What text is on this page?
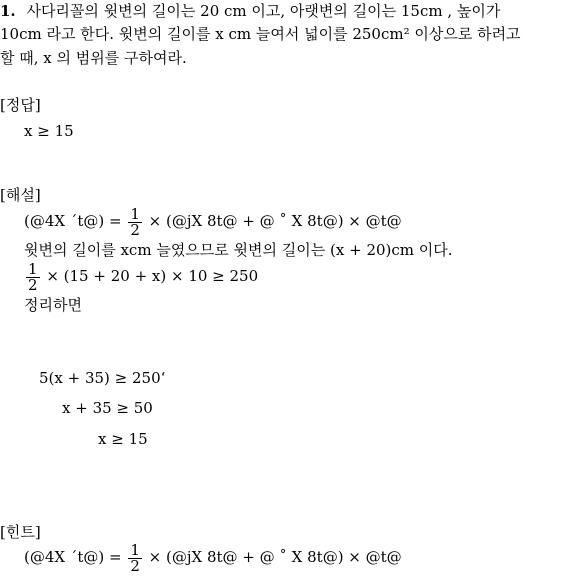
1. 사다리꼴의 윗변의 길이는 20 cm 이고, 아랫변의 길이는 15cm , 높이가
10cm 라고 한다. 윗변의 길이를 x cm 늘여서 넓이를 250cm² 이상으로 하려고
할 때, x 의 범위를 구하여라.
[정답]
x ≥ 15
[해설]
(@4X ´t@) = $\frac{1}{2}$ × (@jX 8t@ + @ ˚ X 8t@) × @t@
윗변의 길이를 xcm 늘였으므로 윗변의 길이는 (x + 20)cm 이다.
$\frac{1}{2} \times (15 + 20 + x) \times 10 \ge 250$
정리하면
5(x + 35) ≥ 250‘
x + 35 ≥ 50
x ≥ 15
[힌트]
(@4X ´t@) = $\frac{1}{2}$ × (@jX 8t@ + @ ˚ X 8t@) × @t@
